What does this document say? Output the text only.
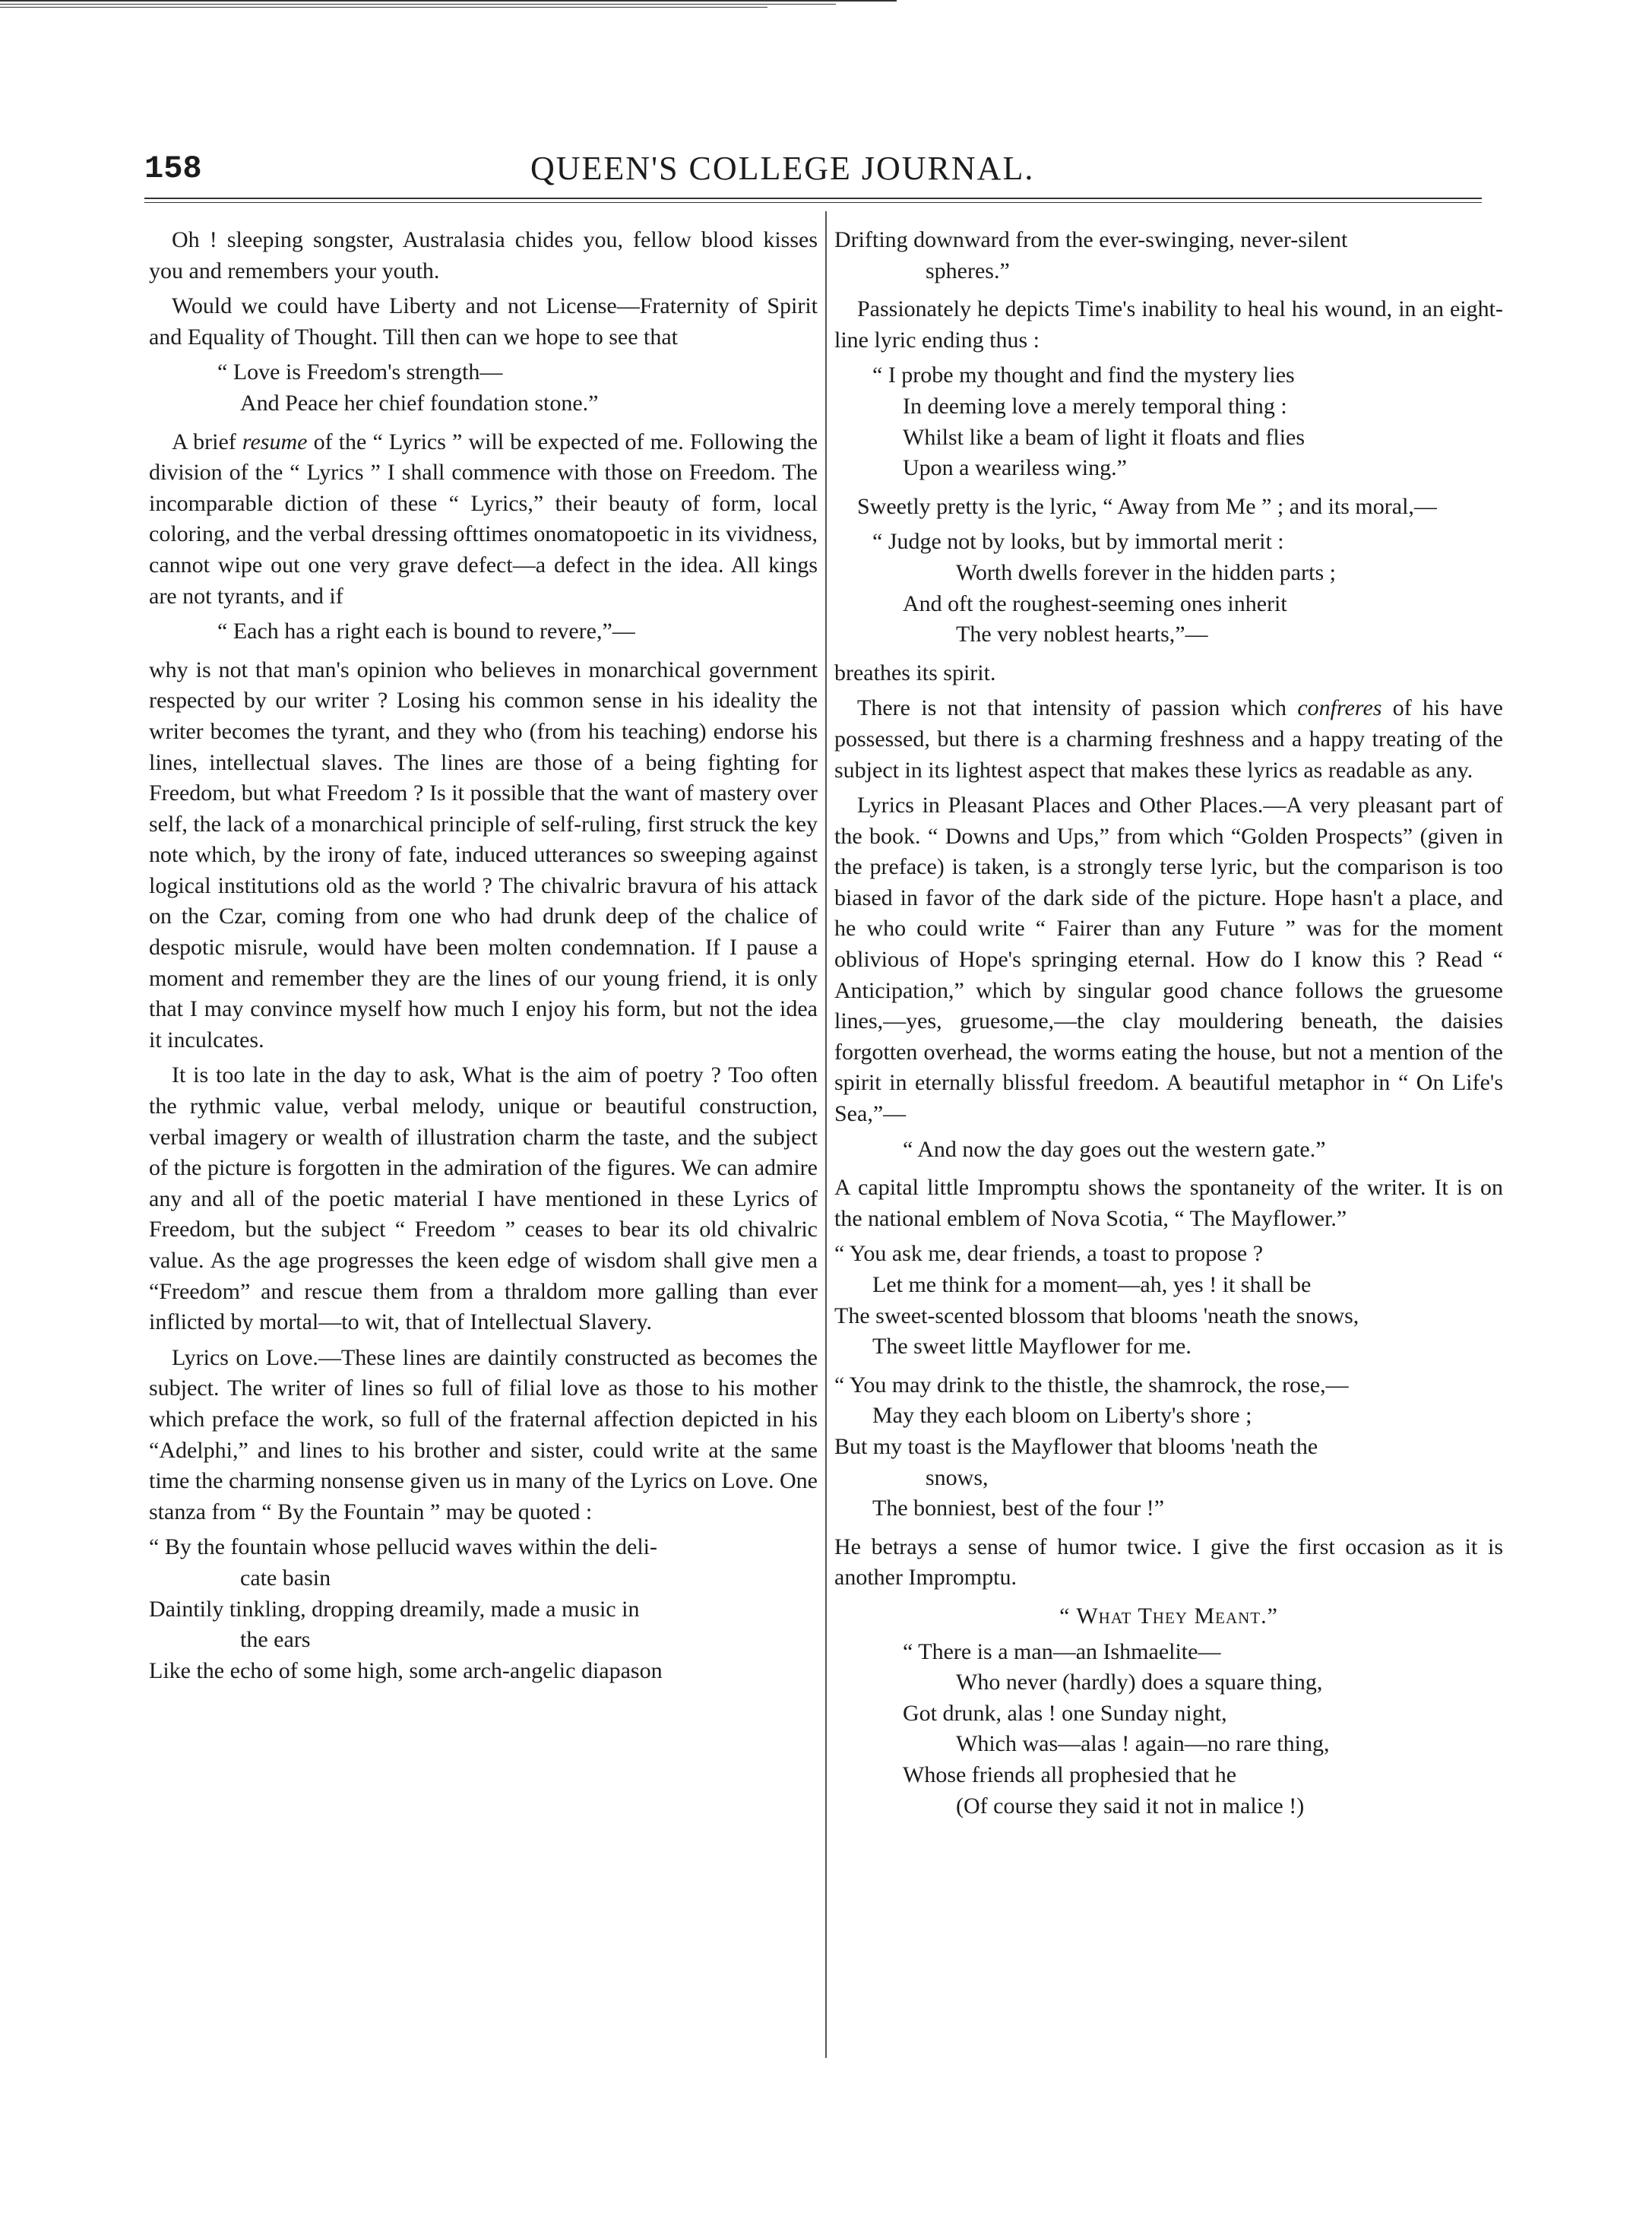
158	QUEEN'S COLLEGE JOURNAL.

Oh ! sleeping songster, Australasia chides you, fellow blood kisses you and remembers your youth.

Would we could have Liberty and not License—Fraternity of Spirit and Equality of Thought. Till then can we hope to see that

“ Love is Freedom's strength—
And Peace her chief foundation stone.”

A brief resume of the “ Lyrics ” will be expected of me. Following the division of the “ Lyrics ” I shall commence with those on Freedom. The incomparable diction of these “ Lyrics,” their beauty of form, local coloring, and the verbal dressing ofttimes onomatopoetic in its vividness, cannot wipe out one very grave defect—a defect in the idea. All kings are not tyrants, and if

“ Each has a right each is bound to revere,”—

why is not that man's opinion who believes in monarchical government respected by our writer ? Losing his common sense in his ideality the writer becomes the tyrant, and they who (from his teaching) endorse his lines, intellectual slaves. The lines are those of a being fighting for Freedom, but what Freedom ? Is it possible that the want of mastery over self, the lack of a monarchical principle of self-ruling, first struck the key note which, by the irony of fate, induced utterances so sweeping against logical institutions old as the world ? The chivalric bravura of his attack on the Czar, coming from one who had drunk deep of the chalice of despotic misrule, would have been molten condemnation. If I pause a moment and remember they are the lines of our young friend, it is only that I may convince myself how much I enjoy his form, but not the idea it inculcates.

It is too late in the day to ask, What is the aim of poetry ? Too often the rythmic value, verbal melody, unique or beautiful construction, verbal imagery or wealth of illustration charm the taste, and the subject of the picture is forgotten in the admiration of the figures. We can admire any and all of the poetic material I have mentioned in these Lyrics of Freedom, but the subject “ Freedom ” ceases to bear its old chivalric value. As the age progresses the keen edge of wisdom shall give men a “Freedom” and rescue them from a thraldom more galling than ever inflicted by mortal—to wit, that of Intellectual Slavery.

Lyrics on Love.—These lines are daintily constructed as becomes the subject. The writer of lines so full of filial love as those to his mother which preface the work, so full of the fraternal affection depicted in his “Adelphi,” and lines to his brother and sister, could write at the same time the charming nonsense given us in many of the Lyrics on Love. One stanza from “ By the Fountain ” may be quoted :

“ By the fountain whose pellucid waves within the deli-
cate basin
Daintily tinkling, dropping dreamily, made a music in
the ears
Like the echo of some high, some arch-angelic diapason
Drifting downward from the ever-swinging, never-silent
spheres.”

Passionately he depicts Time's inability to heal his wound, in an eight-line lyric ending thus :

“ I probe my thought and find the mystery lies
In deeming love a merely temporal thing :
Whilst like a beam of light it floats and flies
Upon a weariless wing.”

Sweetly pretty is the lyric, “ Away from Me ” ; and its moral,—

“ Judge not by looks, but by immortal merit :
Worth dwells forever in the hidden parts ;
And oft the roughest-seeming ones inherit
The very noblest hearts,”—

breathes its spirit.

There is not that intensity of passion which confreres of his have possessed, but there is a charming freshness and a happy treating of the subject in its lightest aspect that makes these lyrics as readable as any.

Lyrics in Pleasant Places and Other Places.—A very pleasant part of the book. “ Downs and Ups,” from which “Golden Prospects” (given in the preface) is taken, is a strongly terse lyric, but the comparison is too biased in favor of the dark side of the picture. Hope hasn't a place, and he who could write “ Fairer than any Future ” was for the moment oblivious of Hope's springing eternal. How do I know this ? Read “ Anticipation,” which by singular good chance follows the gruesome lines,—yes, gruesome,—the clay mouldering beneath, the daisies forgotten overhead, the worms eating the house, but not a mention of the spirit in eternally blissful freedom. A beautiful metaphor in “ On Life's Sea,”—

“ And now the day goes out the western gate.”

A capital little Impromptu shows the spontaneity of the writer. It is on the national emblem of Nova Scotia, “ The Mayflower.”

“ You ask me, dear friends, a toast to propose ?
Let me think for a moment—ah, yes ! it shall be
The sweet-scented blossom that blooms 'neath the snows,
The sweet little Mayflower for me.
“ You may drink to the thistle, the shamrock, the rose,—
May they each bloom on Liberty's shore ;
But my toast is the Mayflower that blooms 'neath the
snows,
The bonniest, best of the four !”

He betrays a sense of humor twice. I give the first occasion as it is another Impromptu.

“ What They Meant.”
“ There is a man—an Ishmaelite—
Who never (hardly) does a square thing,
Got drunk, alas ! one Sunday night,
Which was—alas ! again—no rare thing,
Whose friends all prophesied that he
(Of course they said it not in malice !)
